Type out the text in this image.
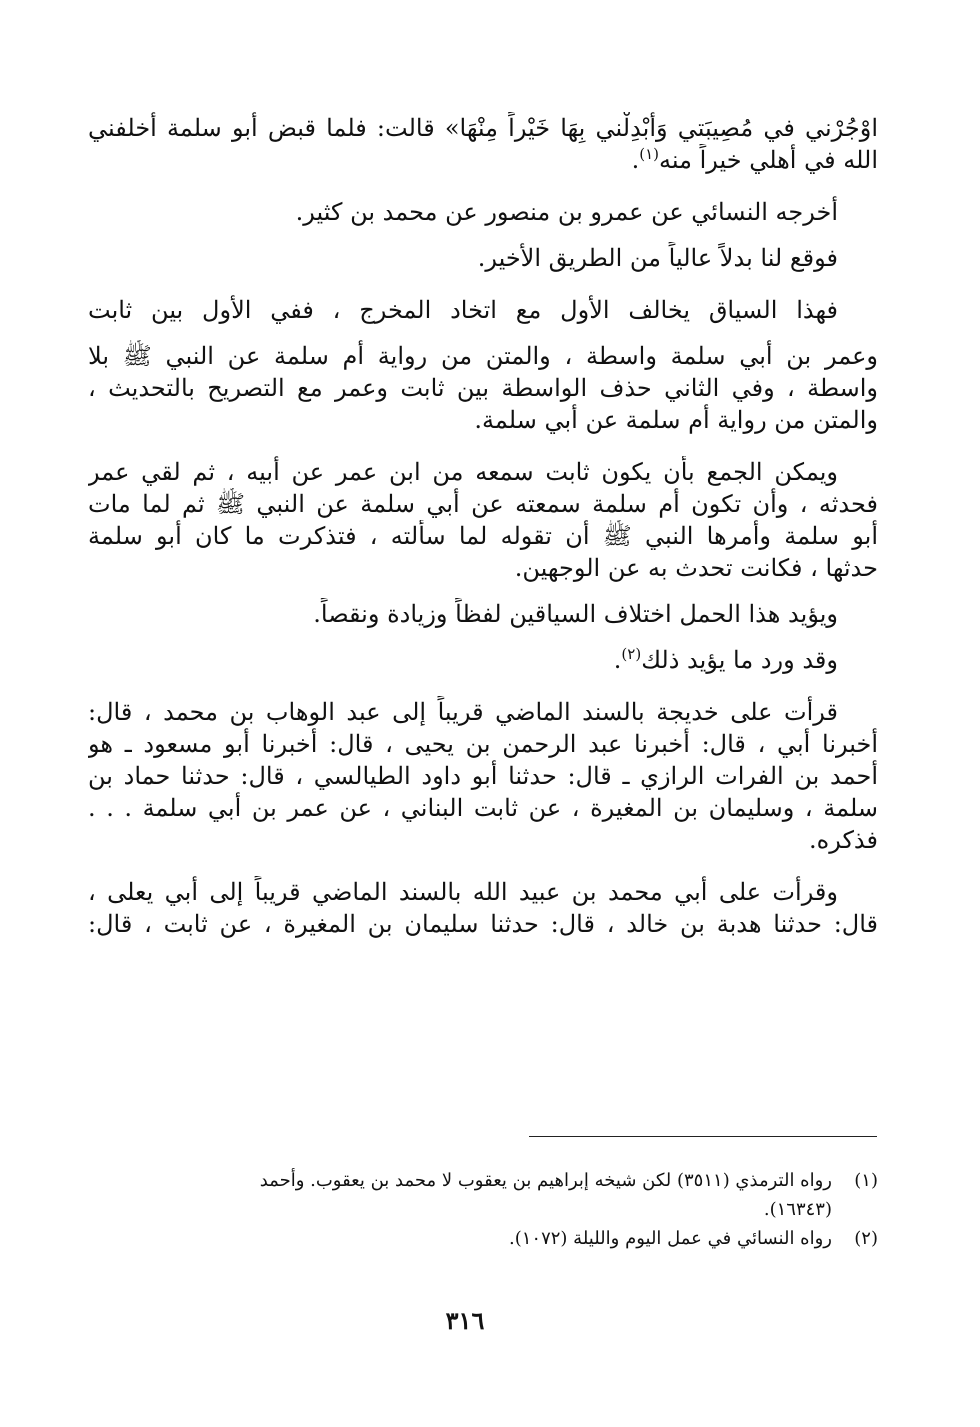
اوْجُرْني في مُصِيبَتي وَأبْدِلْني بِهَا خَيْراً مِنْهَا» قالت: فلما قبض أبو سلمة أخلفني
الله في أهلي خيراً منه$^{(١)}$.
أخرجه النسائي عن عمرو بن منصور عن محمد بن كثير.
فوقع لنا بدلاً عالياً من الطريق الأخير.
فهذا السياق يخالف الأول مع اتخاد المخرج ، ففي الأول بين ثابت
وعمر بن أبي سلمة واسطة ، والمتن من رواية أم سلمة عن النبي ﷺ بلا
واسطة ، وفي الثاني حذف الواسطة بين ثابت وعمر مع التصريح بالتحديث ،
والمتن من رواية أم سلمة عن أبي سلمة.
ويمكن الجمع بأن يكون ثابت سمعه من ابن عمر عن أبيه ، ثم لقي عمر
فحدثه ، وأن تكون أم سلمة سمعته عن أبي سلمة عن النبي ﷺ ثم لما مات
أبو سلمة وأمرها النبي ﷺ أن تقوله لما سألته ، فتذكرت ما كان أبو سلمة
حدثها ، فكانت تحدث به عن الوجهين.
ويؤيد هذا الحمل اختلاف السياقين لفظاً وزيادة ونقصاً.
وقد ورد ما يؤيد ذلك$^{(٢)}$.
قرأت على خديجة بالسند الماضي قريباً إلى عبد الوهاب بن محمد ، قال:
أخبرنا أبي ، قال: أخبرنا عبد الرحمن بن يحيى ، قال: أخبرنا أبو مسعود ـ هو
أحمد بن الفرات الرازي ـ قال: حدثنا أبو داود الطيالسي ، قال: حدثنا حماد بن
سلمة ، وسليمان بن المغيرة ، عن ثابت البناني ، عن عمر بن أبي سلمة . . .
فذكره.
وقرأت على أبي محمد بن عبيد الله بالسند الماضي قريباً إلى أبي يعلى ،
قال: حدثنا هدبة بن خالد ، قال: حدثنا سليمان بن المغيرة ، عن ثابت ، قال:
(١)
رواه الترمذي (٣٥١١) لكن شيخه إبراهيم بن يعقوب لا محمد بن يعقوب. وأحمد
(١٦٣٤٣).
(٢)
رواه النسائي في عمل اليوم والليلة (١٠٧٢).
٣١٦
